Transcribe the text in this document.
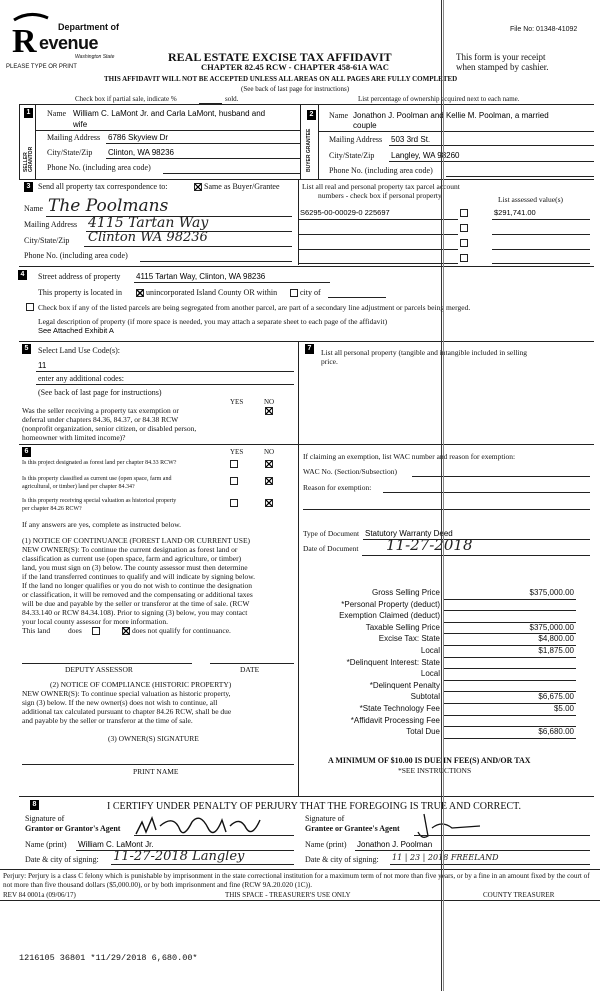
R Department of
evenue
Washington State
PLEASE TYPE OR PRINT
File No: 01348-41092
REAL ESTATE EXCISE TAX AFFIDAVIT
CHAPTER 82.45 RCW - CHAPTER 458-61A WAC
This form is your receipt
when stamped by cashier.
THIS AFFIDAVIT WILL NOT BE ACCEPTED UNLESS ALL AREAS ON ALL PAGES ARE FULLY COMPLETED
(See back of last page for instructions)
Check box if partial sale, indicate %	sold.	List percentage of ownership acquired next to each name.
1
SELLER GRANTOR
Name William C. LaMont Jr. and Carla LaMont, husband and
wife
Mailing Address 6786 Skyview Dr
City/State/Zip Clinton, WA 98236
Phone No. (including area code)
2
BUYER GRANTEE
Name Jonathon J. Poolman and Kellie M. Poolman, a married
couple
Mailing Address 503 3rd St.
City/State/Zip Langley, WA 98260
Phone No. (including area code)
3 Send all property tax correspondence to:	Same as Buyer/Grantee
Name The Poolmans
Mailing Address 4115 Tartan Way
City/State/Zip Clinton WA 98236
Phone No. (including area code)
List all real and personal property tax parcel account
numbers - check box if personal property	List assessed value(s)
S6295-00-00029-0 225697	$291,741.00
4	Street address of property 4115 Tartan Way, Clinton, WA 98236
This property is located in	unincorporated Island County OR within	city of
Check box if any of the listed parcels are being segregated from another parcel, are part of a secondary line adjustment or parcels being merged.
Legal description of property (if more space is needed, you may attach a separate sheet to each page of the affidavit)
See Attached Exhibit A
5	Select Land Use Code(s):
11
enter any additional codes:
(See back of last page for instructions)
YES	NO
Was the seller receiving a property tax exemption or
deferral under chapters 84.36, 84.37, or 84.38 RCW
(nonprofit organization, senior citizen, or disabled person,
homeowner with limited income)?
7	List all personal property (tangible and intangible included in selling
price.
6	YES	NO
Is this project designated as forest land per chapter 84.33 RCW?
Is this property classified as current use (open space, farm and
agricultural, or timber) land per chapter 84.34?
Is this property receiving special valuation as historical property
per chapter 84.26 RCW?
If any answers are yes, complete as instructed below.
(1) NOTICE OF CONTINUANCE (FOREST LAND OR CURRENT USE)
NEW OWNER(S): To continue the current designation as forest land or
classification as current use (open space, farm and agriculture, or timber)
land, you must sign on (3) below. The county assessor must then determine
if the land transferred continues to qualify and will indicate by signing below.
If the land no longer qualifies or you do not wish to continue the designation
or classification, it will be removed and the compensating or additional taxes
will be due and payable by the seller or transferor at the time of sale. (RCW
84.33.140 or RCW 84.34.108). Prior to signing (3) below, you may contact
your local county assessor for more information.
This land does	does not qualify for continuance.
DEPUTY ASSESSOR	DATE
(2) NOTICE OF COMPLIANCE (HISTORIC PROPERTY)
NEW OWNER(S): To continue special valuation as historic property,
sign (3) below. If the new owner(s) does not wish to continue, all
additional tax calculated pursuant to chapter 84.26 RCW, shall be due
and payable by the seller or transferor at the time of sale.
(3) OWNER(S) SIGNATURE
PRINT NAME
If claiming an exemption, list WAC number and reason for exemption:
WAC No. (Section/Subsection)
Reason for exemption:
Type of Document Statutory Warranty Deed
Date of Document 11-27-2018
Gross Selling Price	$375,000.00
*Personal Property (deduct)
Exemption Claimed (deduct)
Taxable Selling Price	$375,000.00
Excise Tax: State	$4,800.00
Local	$1,875.00
*Delinquent Interest: State
Local
*Delinquent Penalty
Subtotal	$6,675.00
*State Technology Fee	$5.00
*Affidavit Processing Fee
Total Due	$6,680.00
A MINIMUM OF $10.00 IS DUE IN FEE(S) AND/OR TAX
*SEE INSTRUCTIONS
8	I CERTIFY UNDER PENALTY OF PERJURY THAT THE FOREGOING IS TRUE AND CORRECT.
Signature of
Grantor or Grantor's Agent
Name (print) William C. LaMont Jr.
Date & city of signing: 11-27-2018 Langley
Signature of
Grantee or Grantee's Agent
Name (print) Jonathon J. Poolman
Date & city of signing: 11 | 23 | 2018 FREELAND
Perjury: Perjury is a class C felony which is punishable by imprisonment in the state correctional institution for a maximum term of not more than five years, or by a fine in an amount fixed by the court of not more than five thousand dollars ($5,000.00), or by both imprisonment and fine (RCW 9A.20.020 (1C)).
REV 84 0001a (09/06/17)	THIS SPACE - TREASURER'S USE ONLY	COUNTY TREASURER
1216105 36801 *11/29/2018 6,680.00*
